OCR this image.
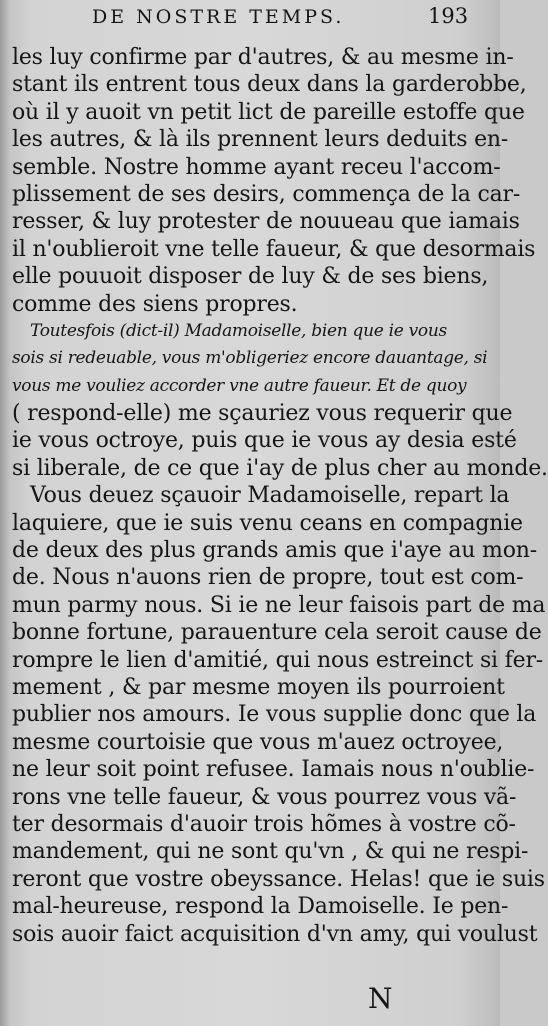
DE NOSTRE TEMPS.	193
les luy confirme par d'autres, & au mesme in-
stant ils entrent tous deux dans la garderobbe,
où il y auoit vn petit lict de pareille estoffe que
les autres, & là ils prennent leurs deduits en-
semble. Nostre homme ayant receu l'accom-
plissement de ses desirs, commença de la car-
resser, & luy protester de nouueau que iamais
il n'oublieroit vne telle faueur, & que desormais
elle pouuoit disposer de luy & de ses biens,
comme des siens propres.
Toutesfois (dict-il) Madamoiselle, bien que ie vous
sois si redeuable, vous m'obligeriez encore dauantage, si
vous me vouliez accorder vne autre faueur. Et de quoy
( respond-elle) me sçauriez vous requerir que
ie vous octroye, puis que ie vous ay desia esté
si liberale, de ce que i'ay de plus cher au monde.
Vous deuez sçauoir Madamoiselle, repart la
laquiere, que ie suis venu ceans en compagnie
de deux des plus grands amis que i'aye au mon-
de. Nous n'auons rien de propre, tout est com-
mun parmy nous. Si ie ne leur faisois part de ma
bonne fortune, parauenture cela seroit cause de
rompre le lien d'amitié, qui nous estreinct si fer-
mement , & par mesme moyen ils pourroient
publier nos amours. Ie vous supplie donc que la
mesme courtoisie que vous m'auez octroyee,
ne leur soit point refusee. Iamais nous n'oublie-
rons vne telle faueur, & vous pourrez vous vã-
ter desormais d'auoir trois hõmes à vostre cõ-
mandement, qui ne sont qu'vn , & qui ne respi-
reront que vostre obeyssance. Helas! que ie suis
mal-heureuse, respond la Damoiselle. Ie pen-
sois auoir faict acquisition d'vn amy, qui voulust
N
